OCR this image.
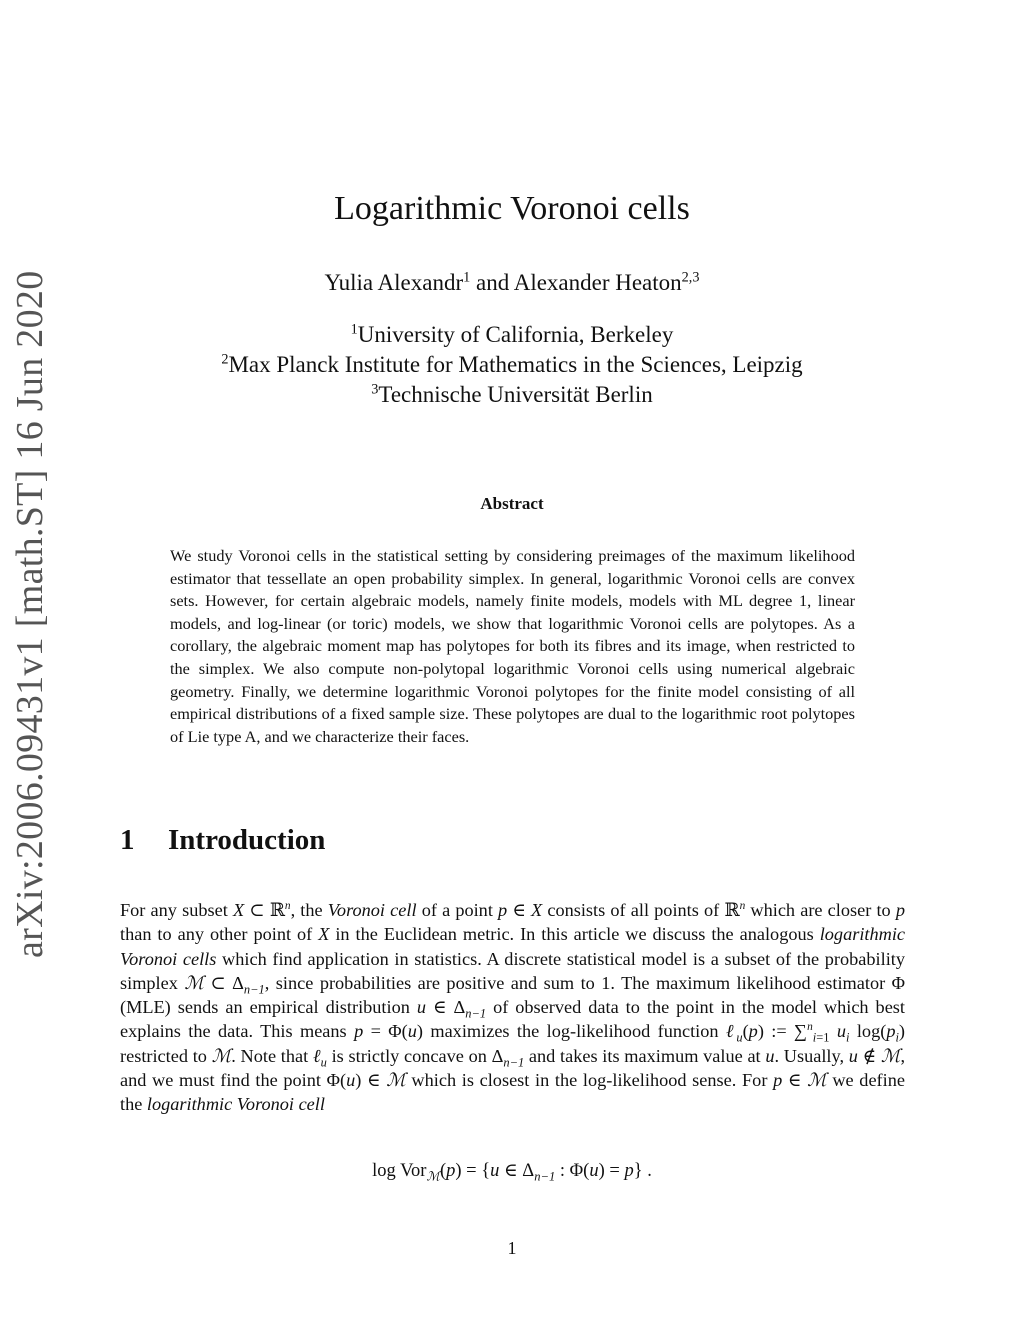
arXiv:2006.09431v1 [math.ST] 16 Jun 2020
Logarithmic Voronoi cells
Yulia Alexandr$^1$ and Alexander Heaton$^{2,3}$
$^1$University of California, Berkeley
$^2$Max Planck Institute for Mathematics in the Sciences, Leipzig
$^3$Technische Universität Berlin
Abstract
We study Voronoi cells in the statistical setting by considering preimages of the maximum likelihood estimator that tessellate an open probability simplex. In general, logarithmic Voronoi cells are convex sets. However, for certain algebraic models, namely finite models, models with ML degree 1, linear models, and log-linear (or toric) models, we show that logarithmic Voronoi cells are polytopes. As a corollary, the algebraic moment map has polytopes for both its fibres and its image, when restricted to the simplex. We also compute non-polytopal logarithmic Voronoi cells using numerical algebraic geometry. Finally, we determine logarithmic Voronoi polytopes for the finite model consisting of all empirical distributions of a fixed sample size. These polytopes are dual to the logarithmic root polytopes of Lie type A, and we characterize their faces.
1 Introduction
For any subset X ⊂ ℝ$^n$, the Voronoi cell of a point p ∈ X consists of all points of ℝ$^n$ which are closer to p than to any other point of X in the Euclidean metric. In this article we discuss the analogous logarithmic Voronoi cells which find application in statistics. A discrete statistical model is a subset of the probability simplex ℳ ⊂ $\Delta_{n-1}$, since probabilities are positive and sum to 1. The maximum likelihood estimator Φ (MLE) sends an empirical distribution u ∈ $\Delta_{n-1}$ of observed data to the point in the model which best explains the data. This means p = Φ(u) maximizes the log-likelihood function ℓ$_u$(p) := ∑$^n_{i=1}$ $u_i$ $\log(p_i)$ restricted to ℳ. Note that ℓ$_u$ is strictly concave on $\Delta_{n-1}$ and takes its maximum value at u. Usually, u ∉ ℳ, and we must find the point Φ(u) ∈ ℳ which is closest in the log-likelihood sense. For p ∈ ℳ we define the logarithmic Voronoi cell
log Vor$_ℳ$(p) = {u ∈ $\Delta_{n-1}$ : Φ(u) = p} .
1
